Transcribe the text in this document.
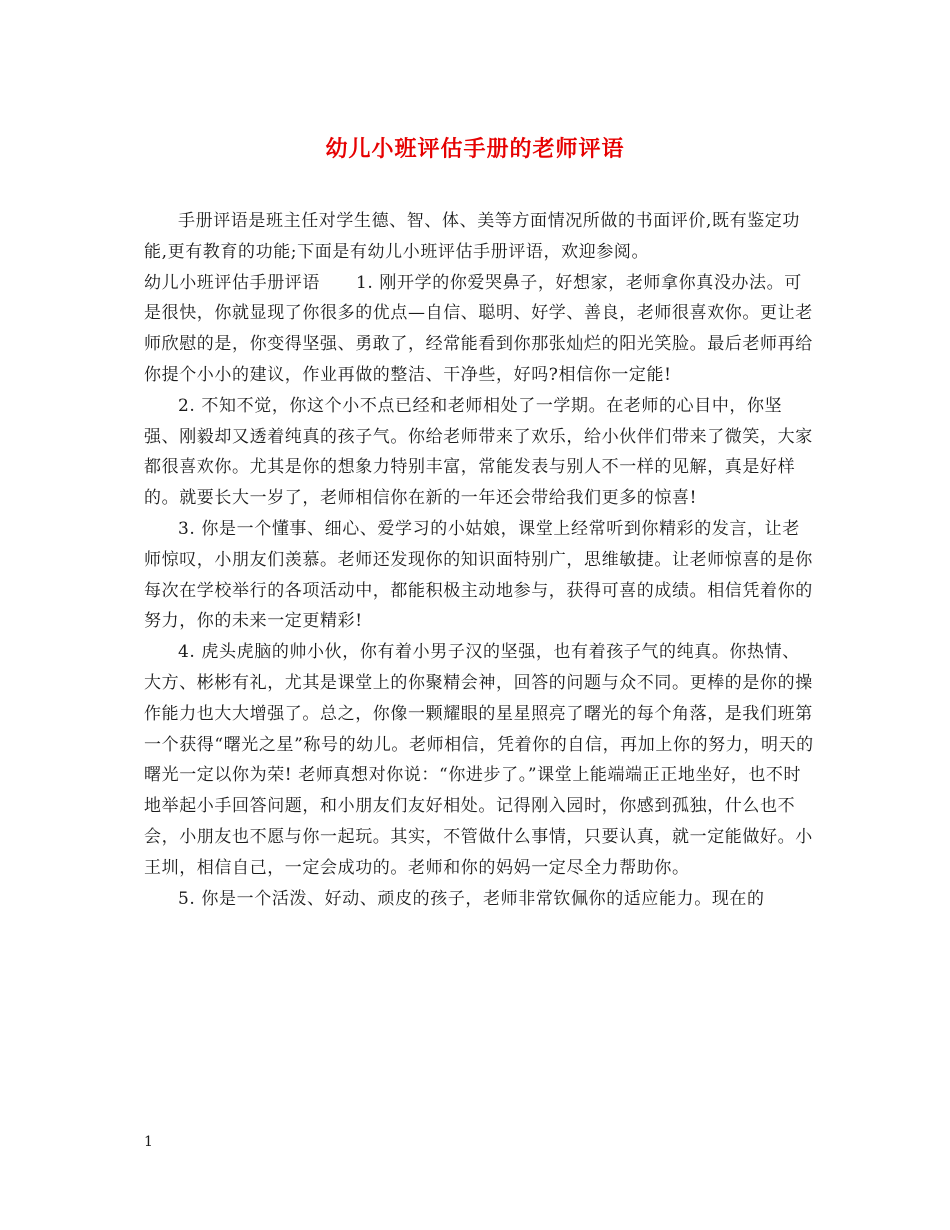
幼儿小班评估手册的老师评语

手册评语是班主任对学生德、智、体、美等方面情况所做的书面评价,既有鉴定功能,更有教育的功能;下面是有幼儿小班评估手册评语，欢迎参阅。

幼儿小班评估手册评语 1. 刚开学的你爱哭鼻子，好想家，老师拿你真没办法。可是很快，你就显现了你很多的优点—自信、聪明、好学、善良，老师很喜欢你。更让老师欣慰的是，你变得坚强、勇敢了，经常能看到你那张灿烂的阳光笑脸。最后老师再给你提个小小的建议，作业再做的整洁、干净些，好吗?相信你一定能!

2. 不知不觉，你这个小不点已经和老师相处了一学期。在老师的心目中，你坚强、刚毅却又透着纯真的孩子气。你给老师带来了欢乐，给小伙伴们带来了微笑，大家都很喜欢你。尤其是你的想象力特别丰富，常能发表与别人不一样的见解，真是好样的。就要长大一岁了，老师相信你在新的一年还会带给我们更多的惊喜!

3. 你是一个懂事、细心、爱学习的小姑娘，课堂上经常听到你精彩的发言，让老师惊叹，小朋友们羡慕。老师还发现你的知识面特别广，思维敏捷。让老师惊喜的是你每次在学校举行的各项活动中，都能积极主动地参与，获得可喜的成绩。相信凭着你的努力，你的未来一定更精彩!

4. 虎头虎脑的帅小伙，你有着小男子汉的坚强，也有着孩子气的纯真。你热情、大方、彬彬有礼，尤其是课堂上的你聚精会神，回答的问题与众不同。更棒的是你的操作能力也大大增强了。总之，你像一颗耀眼的星星照亮了曙光的每个角落，是我们班第一个获得“曙光之星”称号的幼儿。老师相信，凭着你的自信，再加上你的努力，明天的曙光一定以你为荣! 老师真想对你说：“你进步了。”课堂上能端端正正地坐好，也不时地举起小手回答问题，和小朋友们友好相处。记得刚入园时，你感到孤独，什么也不会，小朋友也不愿与你一起玩。其实，不管做什么事情，只要认真，就一定能做好。小王圳，相信自己，一定会成功的。老师和你的妈妈一定尽全力帮助你。

5. 你是一个活泼、好动、顽皮的孩子，老师非常钦佩你的适应能力。现在的

1
